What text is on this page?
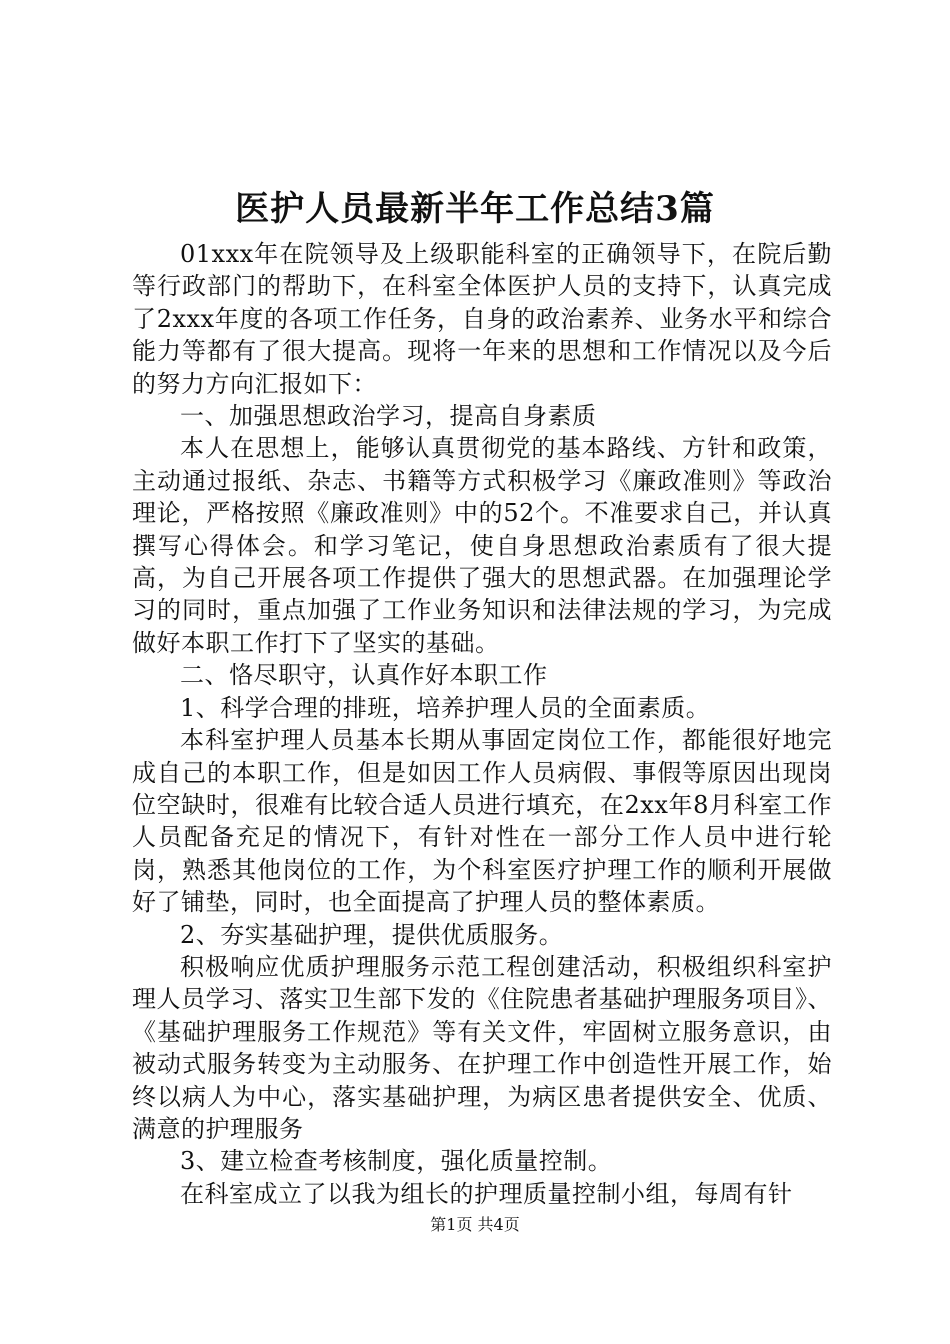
医护人员最新半年工作总结3篇

01xxx年在院领导及上级职能科室的正确领导下，在院后勤等行政部门的帮助下，在科室全体医护人员的支持下，认真完成了2xxx年度的各项工作任务，自身的政治素养、业务水平和综合能力等都有了很大提高。现将一年来的思想和工作情况以及今后的努力方向汇报如下：

一、加强思想政治学习，提高自身素质

本人在思想上，能够认真贯彻党的基本路线、方针和政策，主动通过报纸、杂志、书籍等方式积极学习《廉政准则》等政治理论，严格按照《廉政准则》中的52个。不准要求自己，并认真撰写心得体会。和学习笔记，使自身思想政治素质有了很大提高，为自己开展各项工作提供了强大的思想武器。在加强理论学习的同时，重点加强了工作业务知识和法律法规的学习，为完成做好本职工作打下了坚实的基础。

二、恪尽职守，认真作好本职工作

1、科学合理的排班，培养护理人员的全面素质。

本科室护理人员基本长期从事固定岗位工作，都能很好地完成自己的本职工作，但是如因工作人员病假、事假等原因出现岗位空缺时，很难有比较合适人员进行填充，在2xx年8月科室工作人员配备充足的情况下，有针对性在一部分工作人员中进行轮岗，熟悉其他岗位的工作，为个科室医疗护理工作的顺利开展做好了铺垫，同时，也全面提高了护理人员的整体素质。

2、夯实基础护理，提供优质服务。

积极响应优质护理服务示范工程创建活动，积极组织科室护理人员学习、落实卫生部下发的《住院患者基础护理服务项目》、《基础护理服务工作规范》等有关文件，牢固树立服务意识，由被动式服务转变为主动服务、在护理工作中创造性开展工作，始终以病人为中心，落实基础护理，为病区患者提供安全、优质、满意的护理服务

3、建立检查考核制度，强化质量控制。

在科室成立了以我为组长的护理质量控制小组，每周有针

第1页 共4页
